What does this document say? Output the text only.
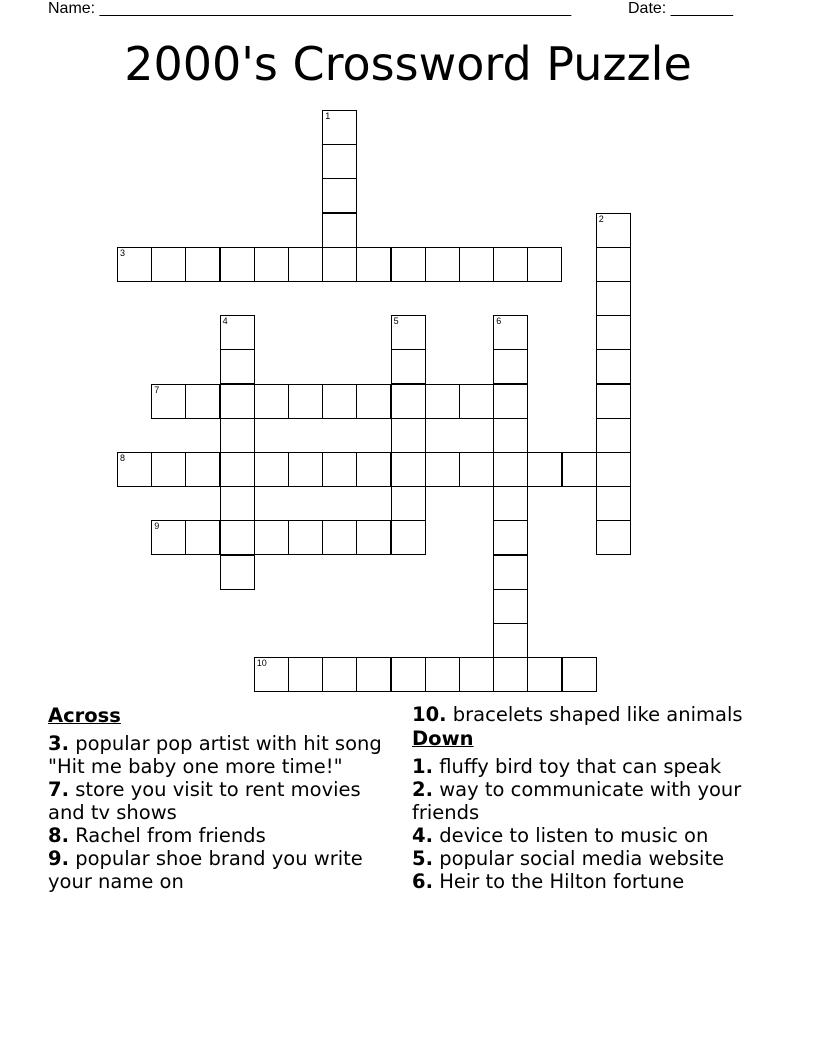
Name: _____________________________________________________	Date: _______
2000's Crossword Puzzle
1
2
3
4	5	6
7
8
9
10
Across
3. popular pop artist with hit song "Hit me baby one more time!"
7. store you visit to rent movies and tv shows
8. Rachel from friends
9. popular shoe brand you write your name on
10. bracelets shaped like animals
Down
1. fluffy bird toy that can speak
2. way to communicate with your friends
4. device to listen to music on
5. popular social media website
6. Heir to the Hilton fortune
